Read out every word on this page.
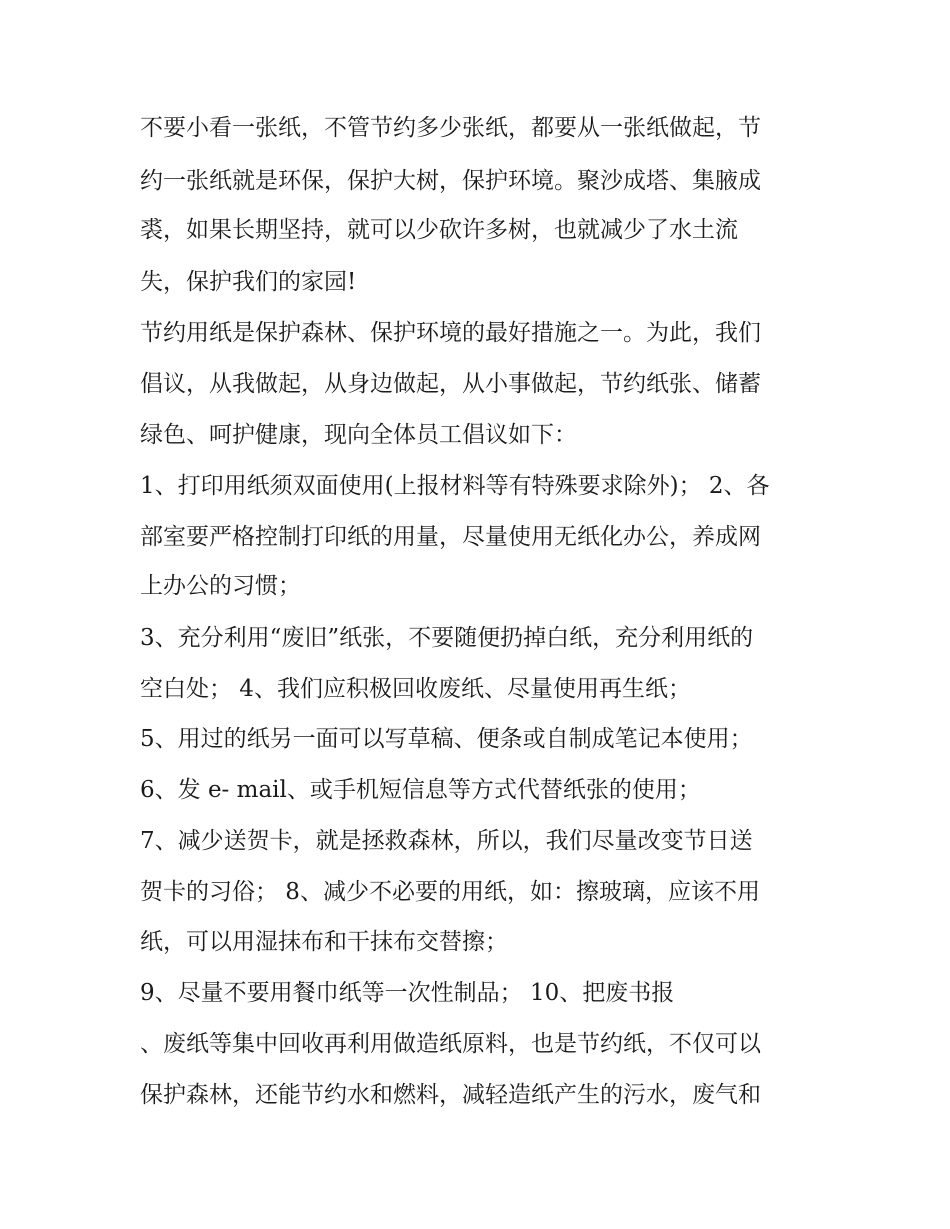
不要小看一张纸，不管节约多少张纸，都要从一张纸做起，节
约一张纸就是环保，保护大树，保护环境。聚沙成塔、集腋成
裘，如果长期坚持，就可以少砍许多树，也就减少了水土流
失，保护我们的家园!
节约用纸是保护森林、保护环境的最好措施之一。为此，我们
倡议，从我做起，从身边做起，从小事做起，节约纸张、储蓄
绿色、呵护健康，现向全体员工倡议如下：
1、打印用纸须双面使用(上报材料等有特殊要求除外)； 2、各
部室要严格控制打印纸的用量，尽量使用无纸化办公，养成网
上办公的习惯；
3、充分利用“废旧”纸张，不要随便扔掉白纸，充分利用纸的
空白处； 4、我们应积极回收废纸、尽量使用再生纸；
5、用过的纸另一面可以写草稿、便条或自制成笔记本使用；
6、发 e- mail、或手机短信息等方式代替纸张的使用；
7、减少送贺卡，就是拯救森林，所以，我们尽量改变节日送
贺卡的习俗； 8、减少不必要的用纸，如：擦玻璃，应该不用
纸，可以用湿抹布和干抹布交替擦；
9、尽量不要用餐巾纸等一次性制品； 10、把废书报
、废纸等集中回收再利用做造纸原料，也是节约纸，不仅可以
保护森林，还能节约水和燃料，减轻造纸产生的污水，废气和
